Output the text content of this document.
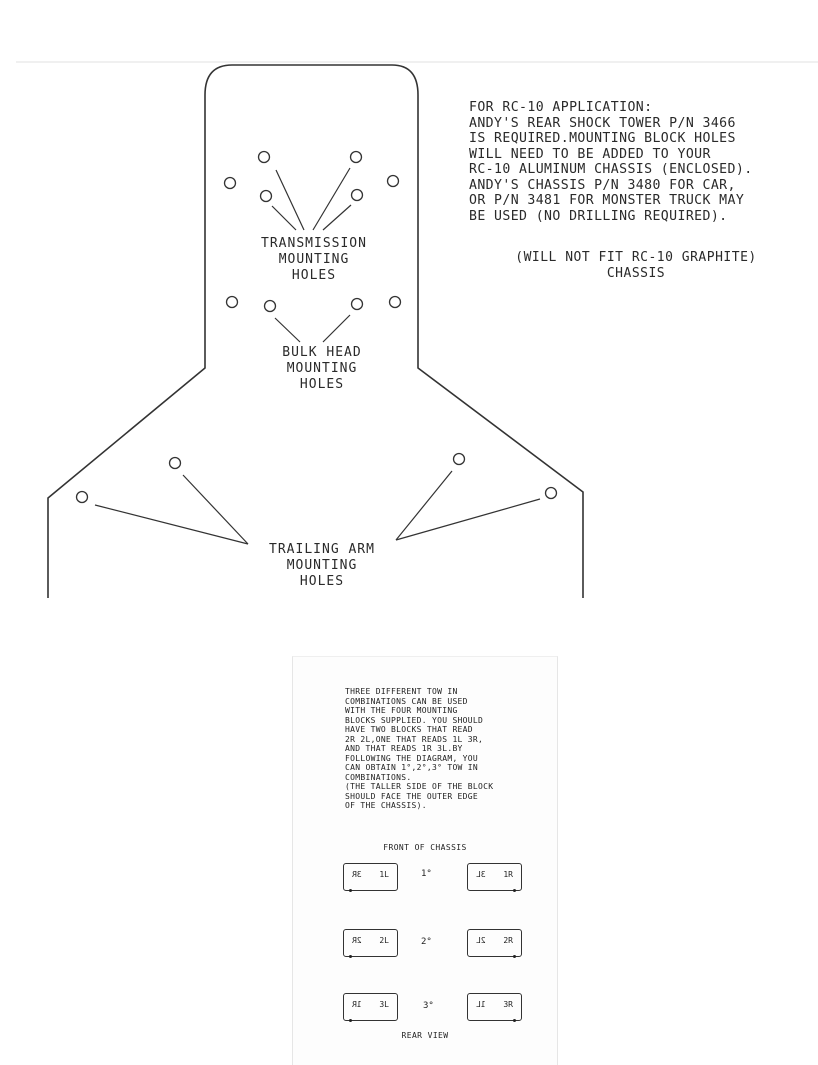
TRANSMISSION
MOUNTING
HOLES
BULK HEAD
MOUNTING
HOLES
TRAILING ARM
MOUNTING
HOLES
FOR RC-10 APPLICATION:
ANDY'S REAR SHOCK TOWER P/N 3466
IS REQUIRED.MOUNTING BLOCK HOLES
WILL NEED TO BE ADDED TO YOUR
RC-10 ALUMINUM CHASSIS (ENCLOSED).
ANDY'S CHASSIS P/N 3480 FOR CAR,
OR P/N 3481 FOR MONSTER TRUCK MAY
BE USED (NO DRILLING REQUIRED).
(WILL NOT FIT RC-10 GRAPHITE)
CHASSIS
THREE DIFFERENT TOW IN
COMBINATIONS CAN BE USED
WITH THE FOUR MOUNTING
BLOCKS SUPPLIED. YOU SHOULD
HAVE TWO BLOCKS THAT READ
2R 2L,ONE THAT READS 1L 3R,
AND THAT READS 1R 3L.BY
FOLLOWING THE DIAGRAM, YOU
CAN OBTAIN 1°,2°,3° TOW IN
COMBINATIONS.
(THE TALLER SIDE OF THE BLOCK
SHOULD FACE THE OUTER EDGE
OF THE CHASSIS).
FRONT OF CHASSIS
3R 1L	1°	3L 1R
2R 2L	2°	2L 2R
1R 3L	3°	1L 3R
REAR VIEW
